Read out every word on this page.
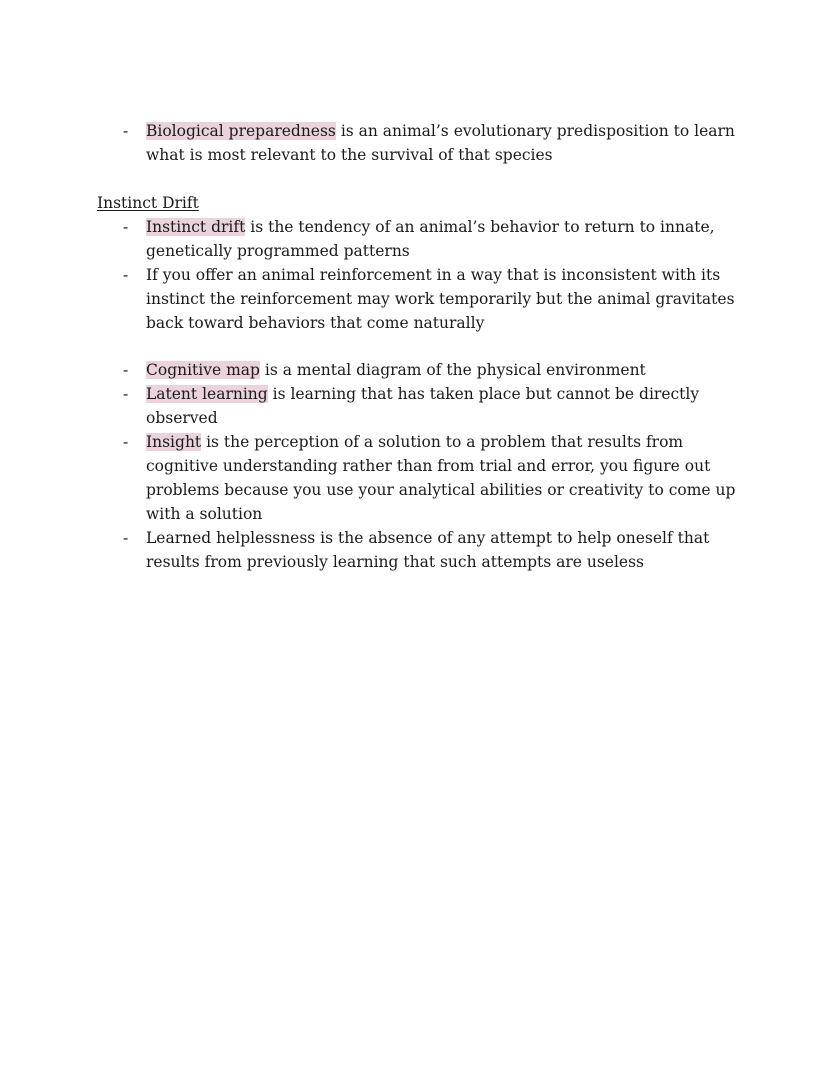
- Biological preparedness is an animal’s evolutionary predisposition to learn what is most relevant to the survival of that species

Instinct Drift

- Instinct drift is the tendency of an animal’s behavior to return to innate, genetically programmed patterns
- If you offer an animal reinforcement in a way that is inconsistent with its instinct the reinforcement may work temporarily but the animal gravitates back toward behaviors that come naturally
- Cognitive map is a mental diagram of the physical environment
- Latent learning is learning that has taken place but cannot be directly observed
- Insight is the perception of a solution to a problem that results from cognitive understanding rather than from trial and error, you figure out problems because you use your analytical abilities or creativity to come up with a solution
- Learned helplessness is the absence of any attempt to help oneself that results from previously learning that such attempts are useless
